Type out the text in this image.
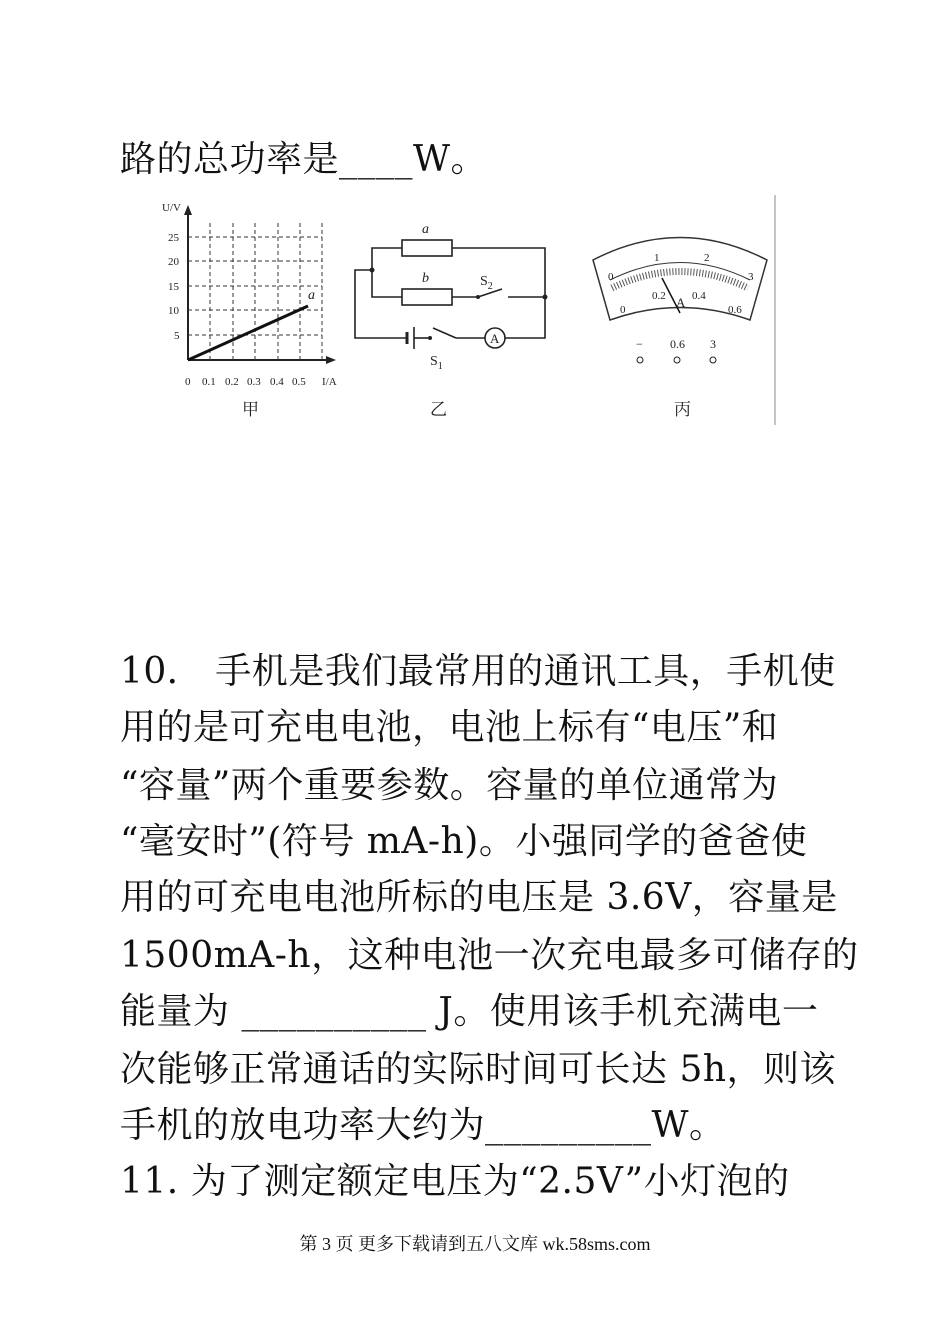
路的总功率是____W。
U/V
25
20
15
10
5
0 0.1 0.2 0.3 0.4 0.5 I/A
a
甲
a
b	$S_2$
$S_1$
A
乙
0
1	2
3
0
0.2 0.4
0.6
A
− 0.6 3
丙
10． 手机是我们最常用的通讯工具，手机使
用的是可充电电池，电池上标有“电压”和
“容量”两个重要参数。容量的单位通常为
“毫安时”(符号 mA-h)。小强同学的爸爸使
用的可充电电池所标的电压是 3.6V，容量是
1500mA-h，这种电池一次充电最多可储存的
能量为 __________ J。使用该手机充满电一
次能够正常通话的实际时间可长达 5h，则该
手机的放电功率大约为_________W。
11. 为了测定额定电压为“2.5V”小灯泡的
第 3 页 更多下载请到五八文库 wk.58sms.com
